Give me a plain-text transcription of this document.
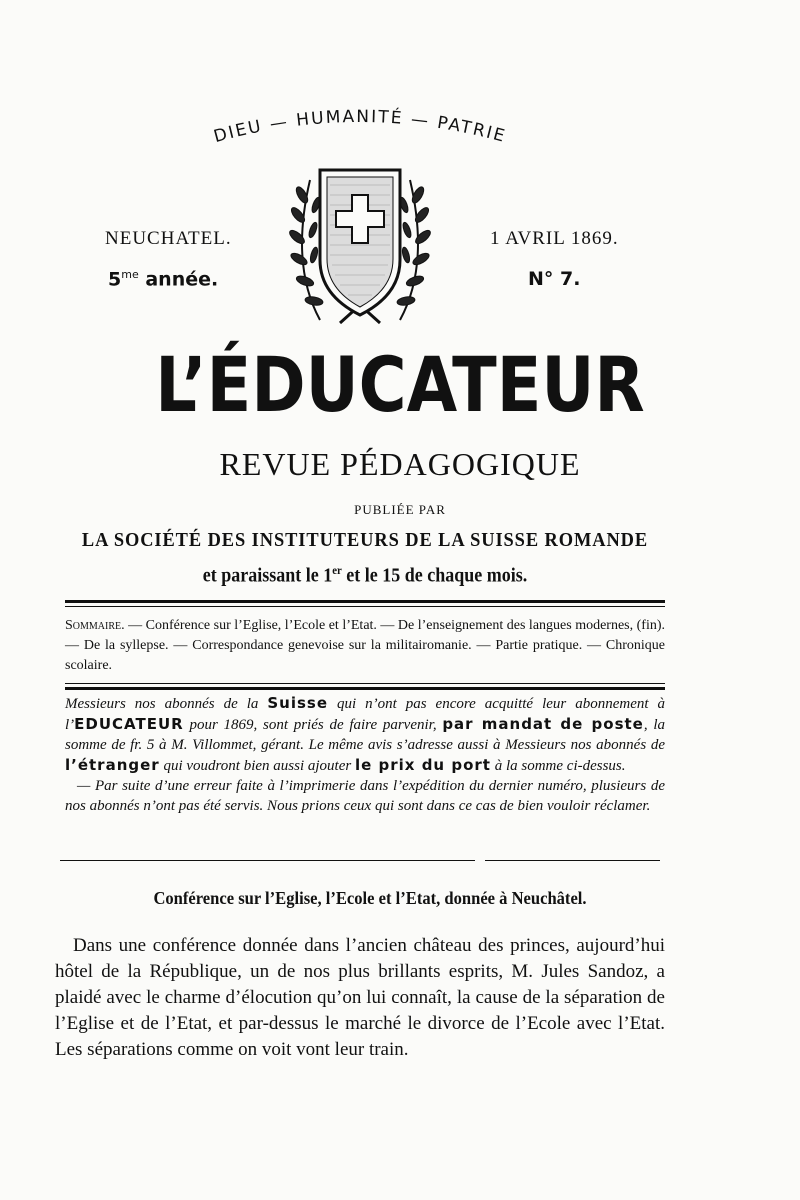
DIEU — HUMANITÉ — PATRIE
NEUCHATEL.
$5^{me}$ année.
1 AVRIL 1869.
N° 7.
L’ÉDUCATEUR
REVUE PÉDAGOGIQUE
PUBLIÉE PAR
LA SOCIÉTÉ DES INSTITUTEURS DE LA SUISSE ROMANDE
et paraissant le 1er et le 15 de chaque mois.
Sommaire. — Conférence sur l’Eglise, l’Ecole et l’Etat. — De l’enseignement des langues modernes, (fin). — De la syllepse. — Correspondance genevoise sur la militairomanie. — Partie pratique. — Chronique scolaire.

Messieurs nos abonnés de la Suisse qui n’ont pas encore acquitté leur abonnement à l’EDUCATEUR pour 1869, sont priés de faire parvenir, par mandat de poste, la somme de fr. 5 à M. Villommet, gérant. Le même avis s’adresse aussi à Messieurs nos abonnés de l’étranger qui voudront bien aussi ajouter le prix du port à la somme ci-dessus.

— Par suite d’une erreur faite à l’imprimerie dans l’expédition du dernier numéro, plusieurs de nos abonnés n’ont pas été servis. Nous prions ceux qui sont dans ce cas de bien vouloir réclamer.

Conférence sur l’Eglise, l’Ecole et l’Etat, donnée à Neuchâtel.

Dans une conférence donnée dans l’ancien château des princes, aujourd’hui hôtel de la République, un de nos plus brillants esprits, M. Jules Sandoz, a plaidé avec le charme d’élocution qu’on lui connaît, la cause de la séparation de l’Eglise et de l’Etat, et par-dessus le marché le divorce de l’Ecole avec l’Etat. Les séparations comme on voit vont leur train.
